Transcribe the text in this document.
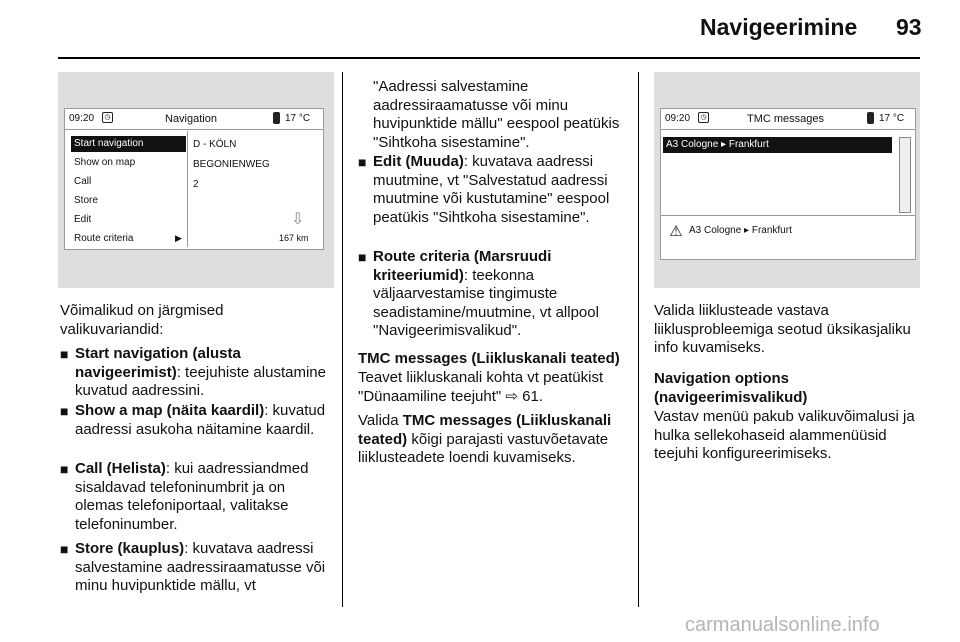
Navigeerimine 93
09:20	◷	Navigation	17 °C
Start navigation
Show on map
Call
Store
Edit
Route criteria	▶
D - KÖLN
BEGONIENWEG
2
⇩
167 km
Võimalikud on järgmised valikuvariandid:
■ Start navigation (alusta navigeerimist): teejuhiste alustamine kuvatud aadressini.
■ Show a map (näita kaardil): kuvatud aadressi asukoha näitamine kaardil.
■ Call (Helista): kui aadressiandmed sisaldavad telefoninumbrit ja on olemas telefoniportaal, valitakse telefoninumber.
■ Store (kauplus): kuvatava aadressi salvestamine aadressiraamatusse või minu huvipunktide mällu, vt
"Aadressi salvestamine aadressiraamatusse või minu huvipunktide mällu" eespool peatükis "Sihtkoha sisestamine".
■ Edit (Muuda): kuvatava aadressi muutmine, vt "Salvestatud aadressi muutmine või kustutamine" eespool peatükis "Sihtkoha sisestamine".
■ Route criteria (Marsruudi kriteeriumid): teekonna väljaarvestamise tingimuste seadistamine/muutmine, vt allpool "Navigeerimisvalikud".
TMC messages (Liikluskanali teated)
Teavet liikluskanali kohta vt peatükist "Dünaamiline teejuht" ⇨ 61.
Valida TMC messages (Liikluskanali teated) kõigi parajasti vastuvõetavate liiklusteadete loendi kuvamiseks.
09:20	◷	TMC messages	17 °C
A3 Cologne ▸ Frankfurt
⚠ A3 Cologne ▸ Frankfurt
Valida liiklusteade vastava liiklusprobleemiga seotud üksikasjaliku info kuvamiseks.
Navigation options (navigeerimisvalikud)
Vastav menüü pakub valikuvõimalusi ja hulka sellekohaseid alammenüüsid teejuhi konfigureerimiseks.
carmanualsonline.info
